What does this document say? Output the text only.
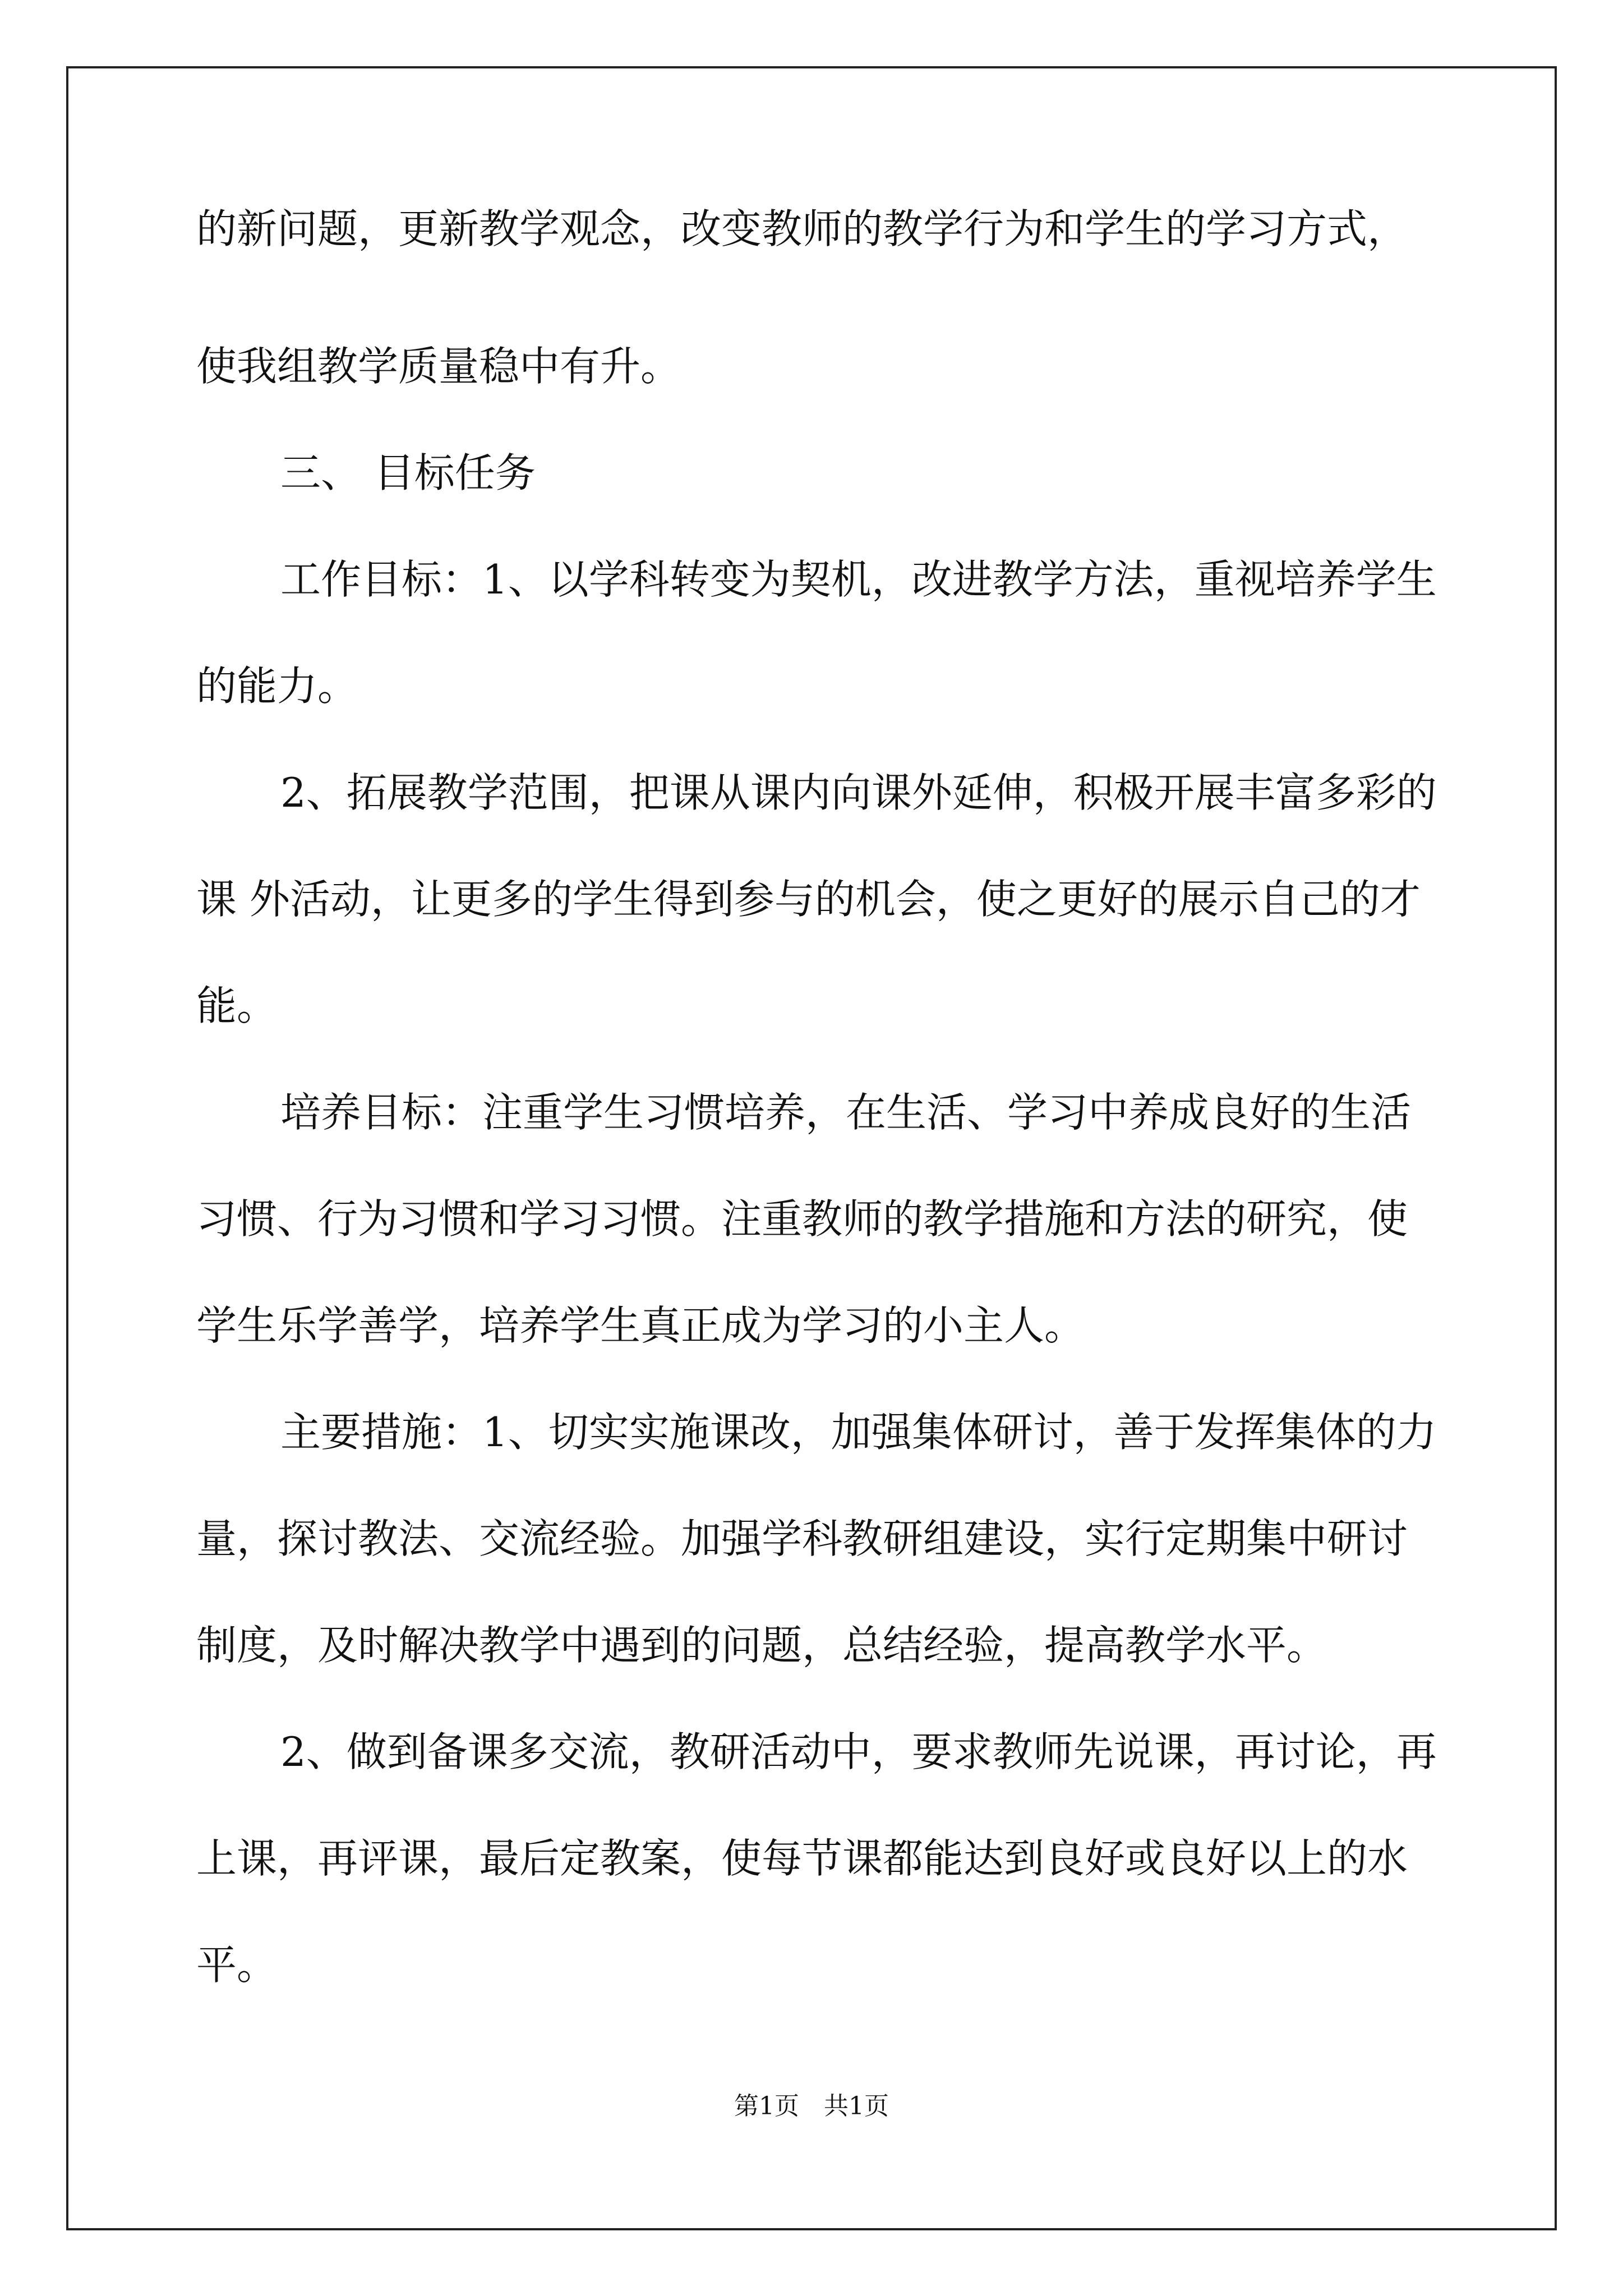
的新问题，更新教学观念，改变教师的教学行为和学生的学习方式，
使我组教学质量稳中有升。
三、 目标任务
工作目标：1、以学科转变为契机，改进教学方法，重视培养学生
的能力。
2、拓展教学范围，把课从课内向课外延伸，积极开展丰富多彩的
课 外活动，让更多的学生得到参与的机会，使之更好的展示自己的才
能。
培养目标：注重学生习惯培养，在生活、学习中养成良好的生活
习惯、行为习惯和学习习惯。注重教师的教学措施和方法的研究，使
学生乐学善学，培养学生真正成为学习的小主人。
主要措施：1、切实实施课改，加强集体研讨，善于发挥集体的力
量，探讨教法、交流经验。加强学科教研组建设，实行定期集中研讨
制度，及时解决教学中遇到的问题，总结经验，提高教学水平。
2、做到备课多交流，教研活动中，要求教师先说课，再讨论，再
上课，再评课，最后定教案，使每节课都能达到良好或良好以上的水
平。
第1页　共1页
